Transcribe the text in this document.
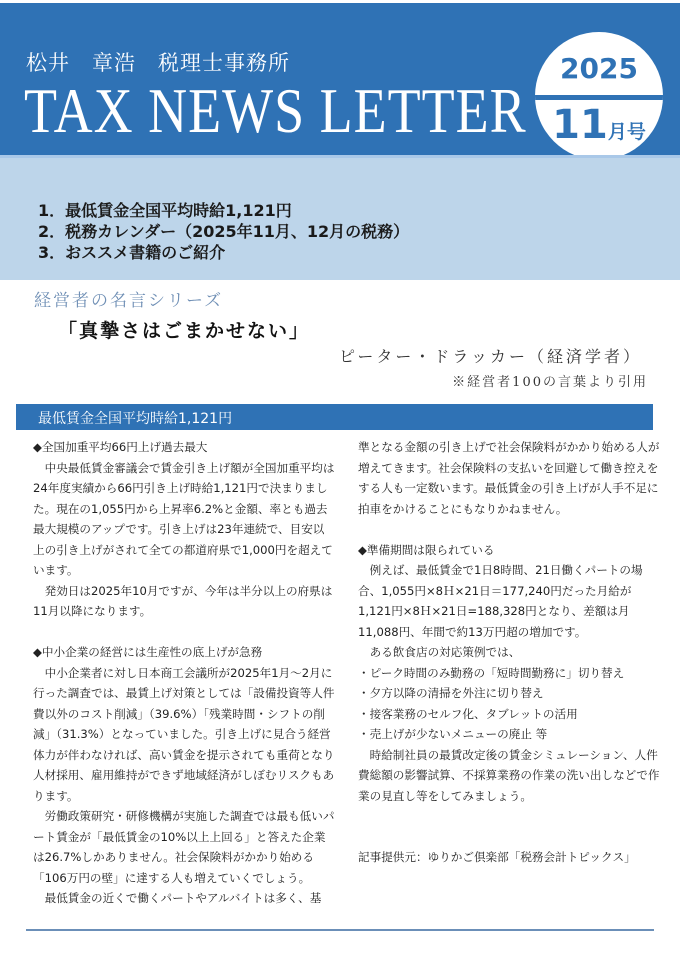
松井　章浩　税理士事務所
TAX NEWS LETTER
2025
11月号
1．最低賃金全国平均時給1,121円
2．税務カレンダー（2025年11月、12月の税務）
3．おススメ書籍のご紹介
経営者の名言シリーズ
「真摯さはごまかせない」
ピーター・ドラッカー（経済学者）
※経営者100の言葉より引用
最低賃金全国平均時給1,121円

◆全国加重平均66円上げ過去最大

中央最低賃金審議会で賃金引き上げ額が全国加重平均は24年度実績から66円引き上げ時給1,121円で決まりました。現在の1,055円から上昇率6.2%と金額、率とも過去最大規模のアップです。引き上げは23年連続で、目安以上の引き上げがされて全ての都道府県で1,000円を超えています。

発効日は2025年10月ですが、今年は半分以上の府県は11月以降になります。

◆中小企業の経営には生産性の底上げが急務

中小企業者に対し日本商工会議所が2025年1月～2月に行った調査では、最賃上げ対策としては「設備投資等人件費以外のコスト削減」（39.6%）「残業時間・シフトの削減」（31.3%）となっていました。引き上げに見合う経営体力が伴わなければ、高い賃金を提示されても重荷となり人材採用、雇用維持ができず地域経済がしぼむリスクもあります。

労働政策研究・研修機構が実施した調査では最も低いパート賃金が「最低賃金の10%以上上回る」と答えた企業は26.7%しかありません。社会保険料がかかり始める「106万円の壁」に達する人も増えていくでしょう。

最低賃金の近くで働くパートやアルバイトは多く、基

準となる金額の引き上げで社会保険料がかかり始める人が増えてきます。社会保険料の支払いを回避して働き控えをする人も一定数います。最低賃金の引き上げが人手不足に拍車をかけることにもなりかねません。

◆準備期間は限られている

例えば、最低賃金で1日8時間、21日働くパートの場合、1,055円×8Ｈ×21日＝177,240円だった月給が1,121円×8Ｈ×21日=188,328円となり、差額は月11,088円、年間で約13万円超の増加です。

ある飲食店の対応策例では、

・ピーク時間のみ勤務の「短時間勤務に」切り替え

・夕方以降の清掃を外注に切り替え

・接客業務のセルフ化、タブレットの活用

・売上げが少ないメニューの廃止 等

時給制社員の最賃改定後の賃金シミュレーション、人件費総額の影響試算、不採算業務の作業の洗い出しなどで作業の見直し等をしてみましょう。

記事提供元：ゆりかご倶楽部「税務会計トピックス」
